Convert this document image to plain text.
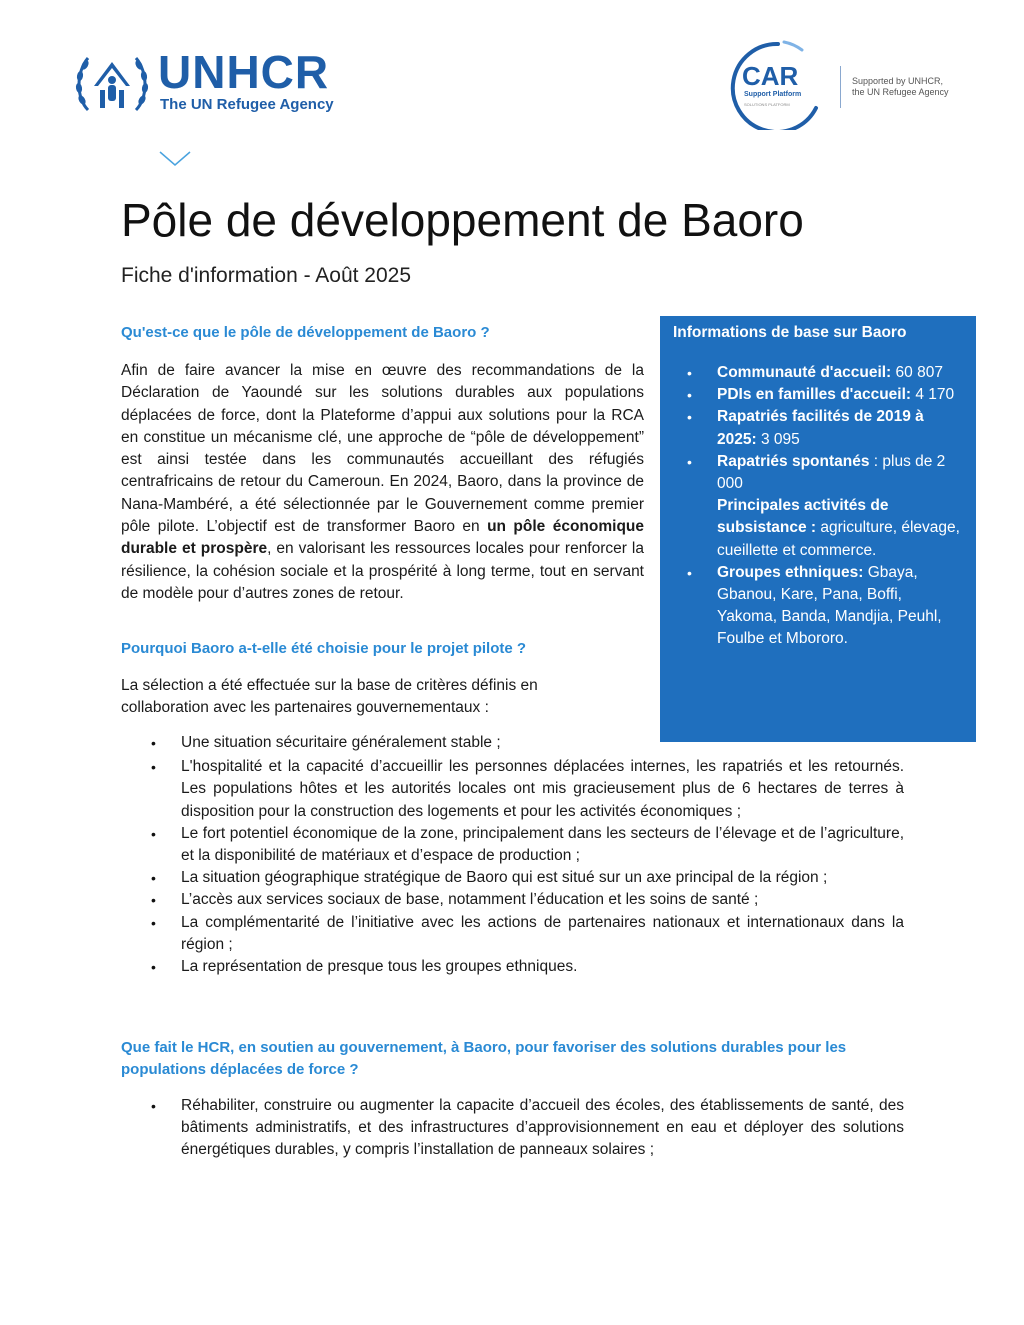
UNHCR
The UN Refugee Agency
CAR
Support Platform
SOLUTIONS PLATFORM
Supported by UNHCR,
the UN Refugee Agency
Pôle de développement de Baoro
Fiche d'information - Août 2025
Qu'est-ce que le pôle de développement de Baoro ?

Afin de faire avancer la mise en œuvre des recommandations de la Déclaration de Yaoundé sur les solutions durables aux populations déplacées de force, dont la Plateforme d’appui aux solutions pour la RCA en constitue un mécanisme clé, une approche de “pôle de développement” est ainsi testée dans les communautés accueillant des réfugiés centrafricains de retour du Cameroun. En 2024, Baoro, dans la province de Nana-Mambéré, a été sélectionnée par le Gouvernement comme premier pôle pilote. L’objectif est de transformer Baoro en un pôle économique durable et prospère, en valorisant les ressources locales pour renforcer la résilience, la cohésion sociale et la prospérité à long terme, tout en servant de modèle pour d’autres zones de retour.

Pourquoi Baoro a-t-elle été choisie pour le projet pilote ?

La sélection a été effectuée sur la base de critères définis en collaboration avec les partenaires gouvernementaux :

• Une situation sécuritaire généralement stable ;
• L'hospitalité et la capacité d’accueillir les personnes déplacées internes, les rapatriés et les retournés. Les populations hôtes et les autorités locales ont mis gracieusement plus de 6 hectares de terres à disposition pour la construction des logements et pour les activités économiques ;
• Le fort potentiel économique de la zone, principalement dans les secteurs de l’élevage et de l’agriculture, et la disponibilité de matériaux et d’espace de production ;
• La situation géographique stratégique de Baoro qui est situé sur un axe principal de la région ;
• L’accès aux services sociaux de base, notamment l’éducation et les soins de santé ;
• La complémentarité de l’initiative avec les actions de partenaires nationaux et internationaux dans la région ;
• La représentation de presque tous les groupes ethniques.
Que fait le HCR, en soutien au gouvernement, à Baoro, pour favoriser des solutions durables pour les populations déplacées de force ?
• Réhabiliter, construire ou augmenter la capacite d’accueil des écoles, des établissements de santé, des bâtiments administratifs, et des infrastructures d’approvisionnement en eau et déployer des solutions énergétiques durables, y compris l’installation de panneaux solaires ;
Informations de base sur Baoro
• Communauté d'accueil: 60 807
• PDIs en familles d'accueil: 4 170
• Rapatriés facilités de 2019 à 2025: 3 095
• Rapatriés spontanés : plus de 2 000
Principales activités de subsistance : agriculture, élevage, cueillette et commerce.
• Groupes ethniques: Gbaya, Gbanou, Kare, Pana, Boffi, Yakoma, Banda, Mandjia, Peuhl, Foulbe et Mbororo.
